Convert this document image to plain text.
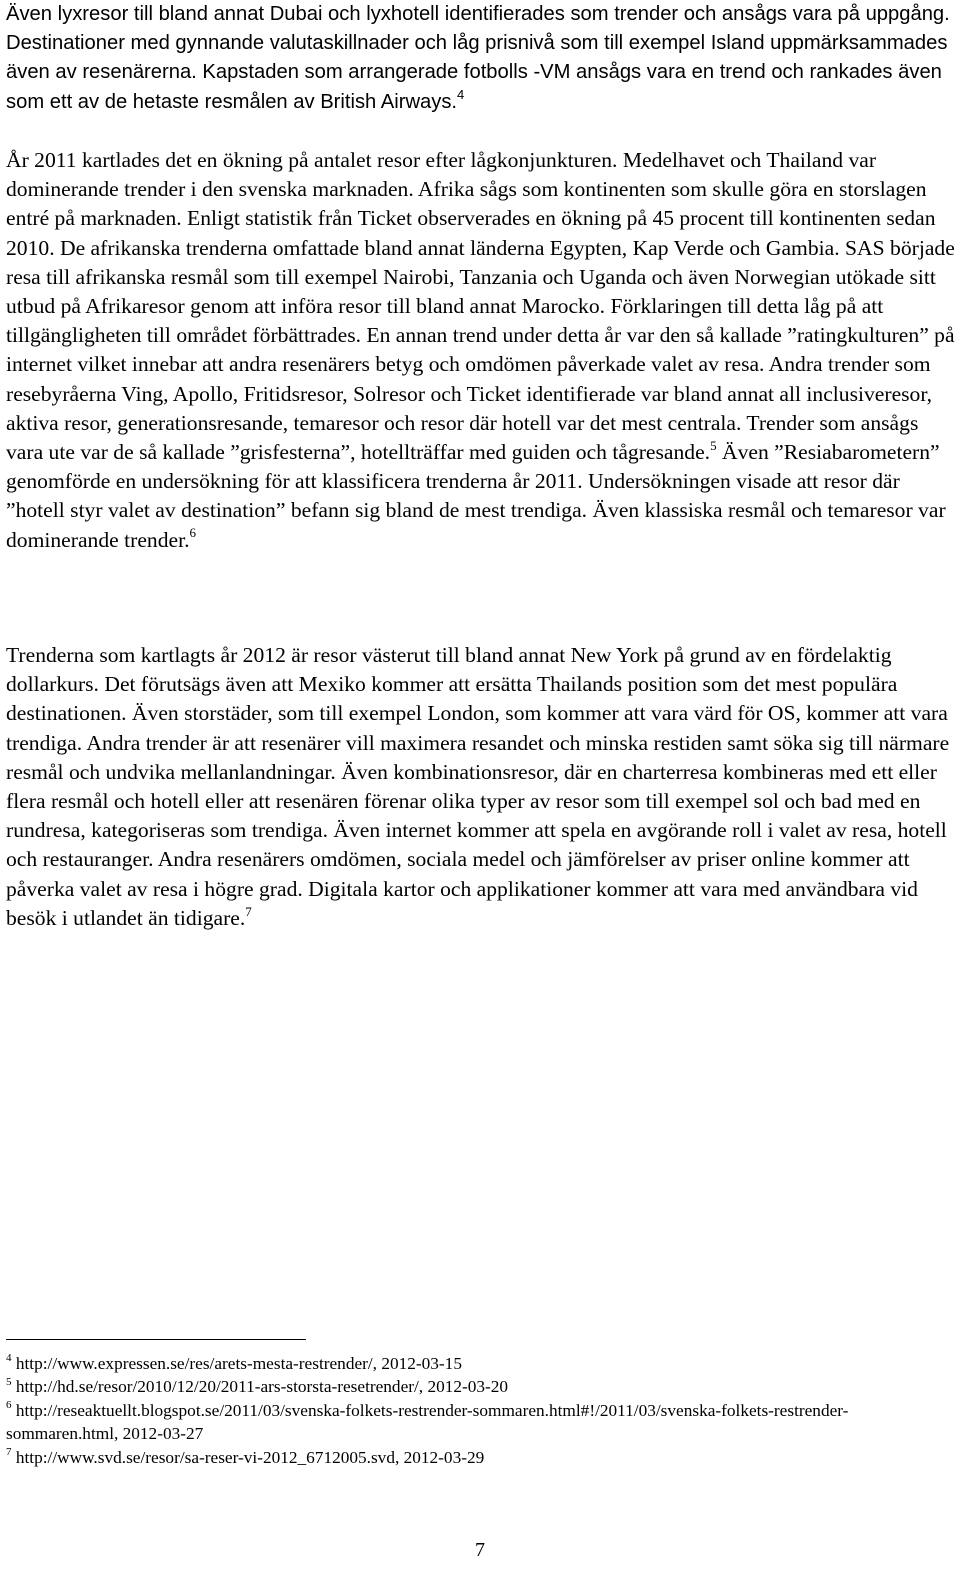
Även lyxresor till bland annat Dubai och lyxhotell identifierades som trender och ansågs vara på uppgång. Destinationer med gynnande valutaskillnader och låg prisnivå som till exempel Island uppmärksammades även av resenärerna. Kapstaden som arrangerade fotbolls -VM ansågs vara en trend och rankades även som ett av de hetaste resmålen av British Airways.$^4$

År 2011 kartlades det en ökning på antalet resor efter lågkonjunkturen. Medelhavet och Thailand var dominerande trender i den svenska marknaden. Afrika sågs som kontinenten som skulle göra en storslagen entré på marknaden. Enligt statistik från Ticket observerades en ökning på 45 procent till kontinenten sedan 2010. De afrikanska trenderna omfattade bland annat länderna Egypten, Kap Verde och Gambia. SAS började resa till afrikanska resmål som till exempel Nairobi, Tanzania och Uganda och även Norwegian utökade sitt utbud på Afrikaresor genom att införa resor till bland annat Marocko. Förklaringen till detta låg på att tillgängligheten till området förbättrades. En annan trend under detta år var den så kallade ”ratingkulturen” på internet vilket innebar att andra resenärers betyg och omdömen påverkade valet av resa. Andra trender som resebyråerna Ving, Apollo, Fritidsresor, Solresor och Ticket identifierade var bland annat all inclusiveresor, aktiva resor, generationsresande, temaresor och resor där hotell var det mest centrala. Trender som ansågs vara ute var de så kallade ”grisfesterna”, hotellträffar med guiden och tågresande.$^5$ Även ”Resiabarometern” genomförde en undersökning för att klassificera trenderna år 2011. Undersökningen visade att resor där ”hotell styr valet av destination” befann sig bland de mest trendiga. Även klassiska resmål och temaresor var dominerande trender.$^6$

Trenderna som kartlagts år 2012 är resor västerut till bland annat New York på grund av en fördelaktig dollarkurs. Det förutsägs även att Mexiko kommer att ersätta Thailands position som det mest populära destinationen. Även storstäder, som till exempel London, som kommer att vara värd för OS, kommer att vara trendiga. Andra trender är att resenärer vill maximera resandet och minska restiden samt söka sig till närmare resmål och undvika mellanlandningar. Även kombinationsresor, där en charterresa kombineras med ett eller flera resmål och hotell eller att resenären förenar olika typer av resor som till exempel sol och bad med en rundresa, kategoriseras som trendiga. Även internet kommer att spela en avgörande roll i valet av resa, hotell och restauranger. Andra resenärers omdömen, sociala medel och jämförelser av priser online kommer att påverka valet av resa i högre grad. Digitala kartor och applikationer kommer att vara med användbara vid besök i utlandet än tidigare.$^7$

$^4$ http://www.expressen.se/res/arets-mesta-restrender/, 2012-03-15

$^5$ http://hd.se/resor/2010/12/20/2011-ars-storsta-resetrender/, 2012-03-20

$^6$ http://reseaktuellt.blogspot.se/2011/03/svenska-folkets-restrender-sommaren.html#!/2011/03/svenska-folkets-restrender-sommaren.html, 2012-03-27

$^7$ http://www.svd.se/resor/sa-reser-vi-2012_6712005.svd, 2012-03-29

7
